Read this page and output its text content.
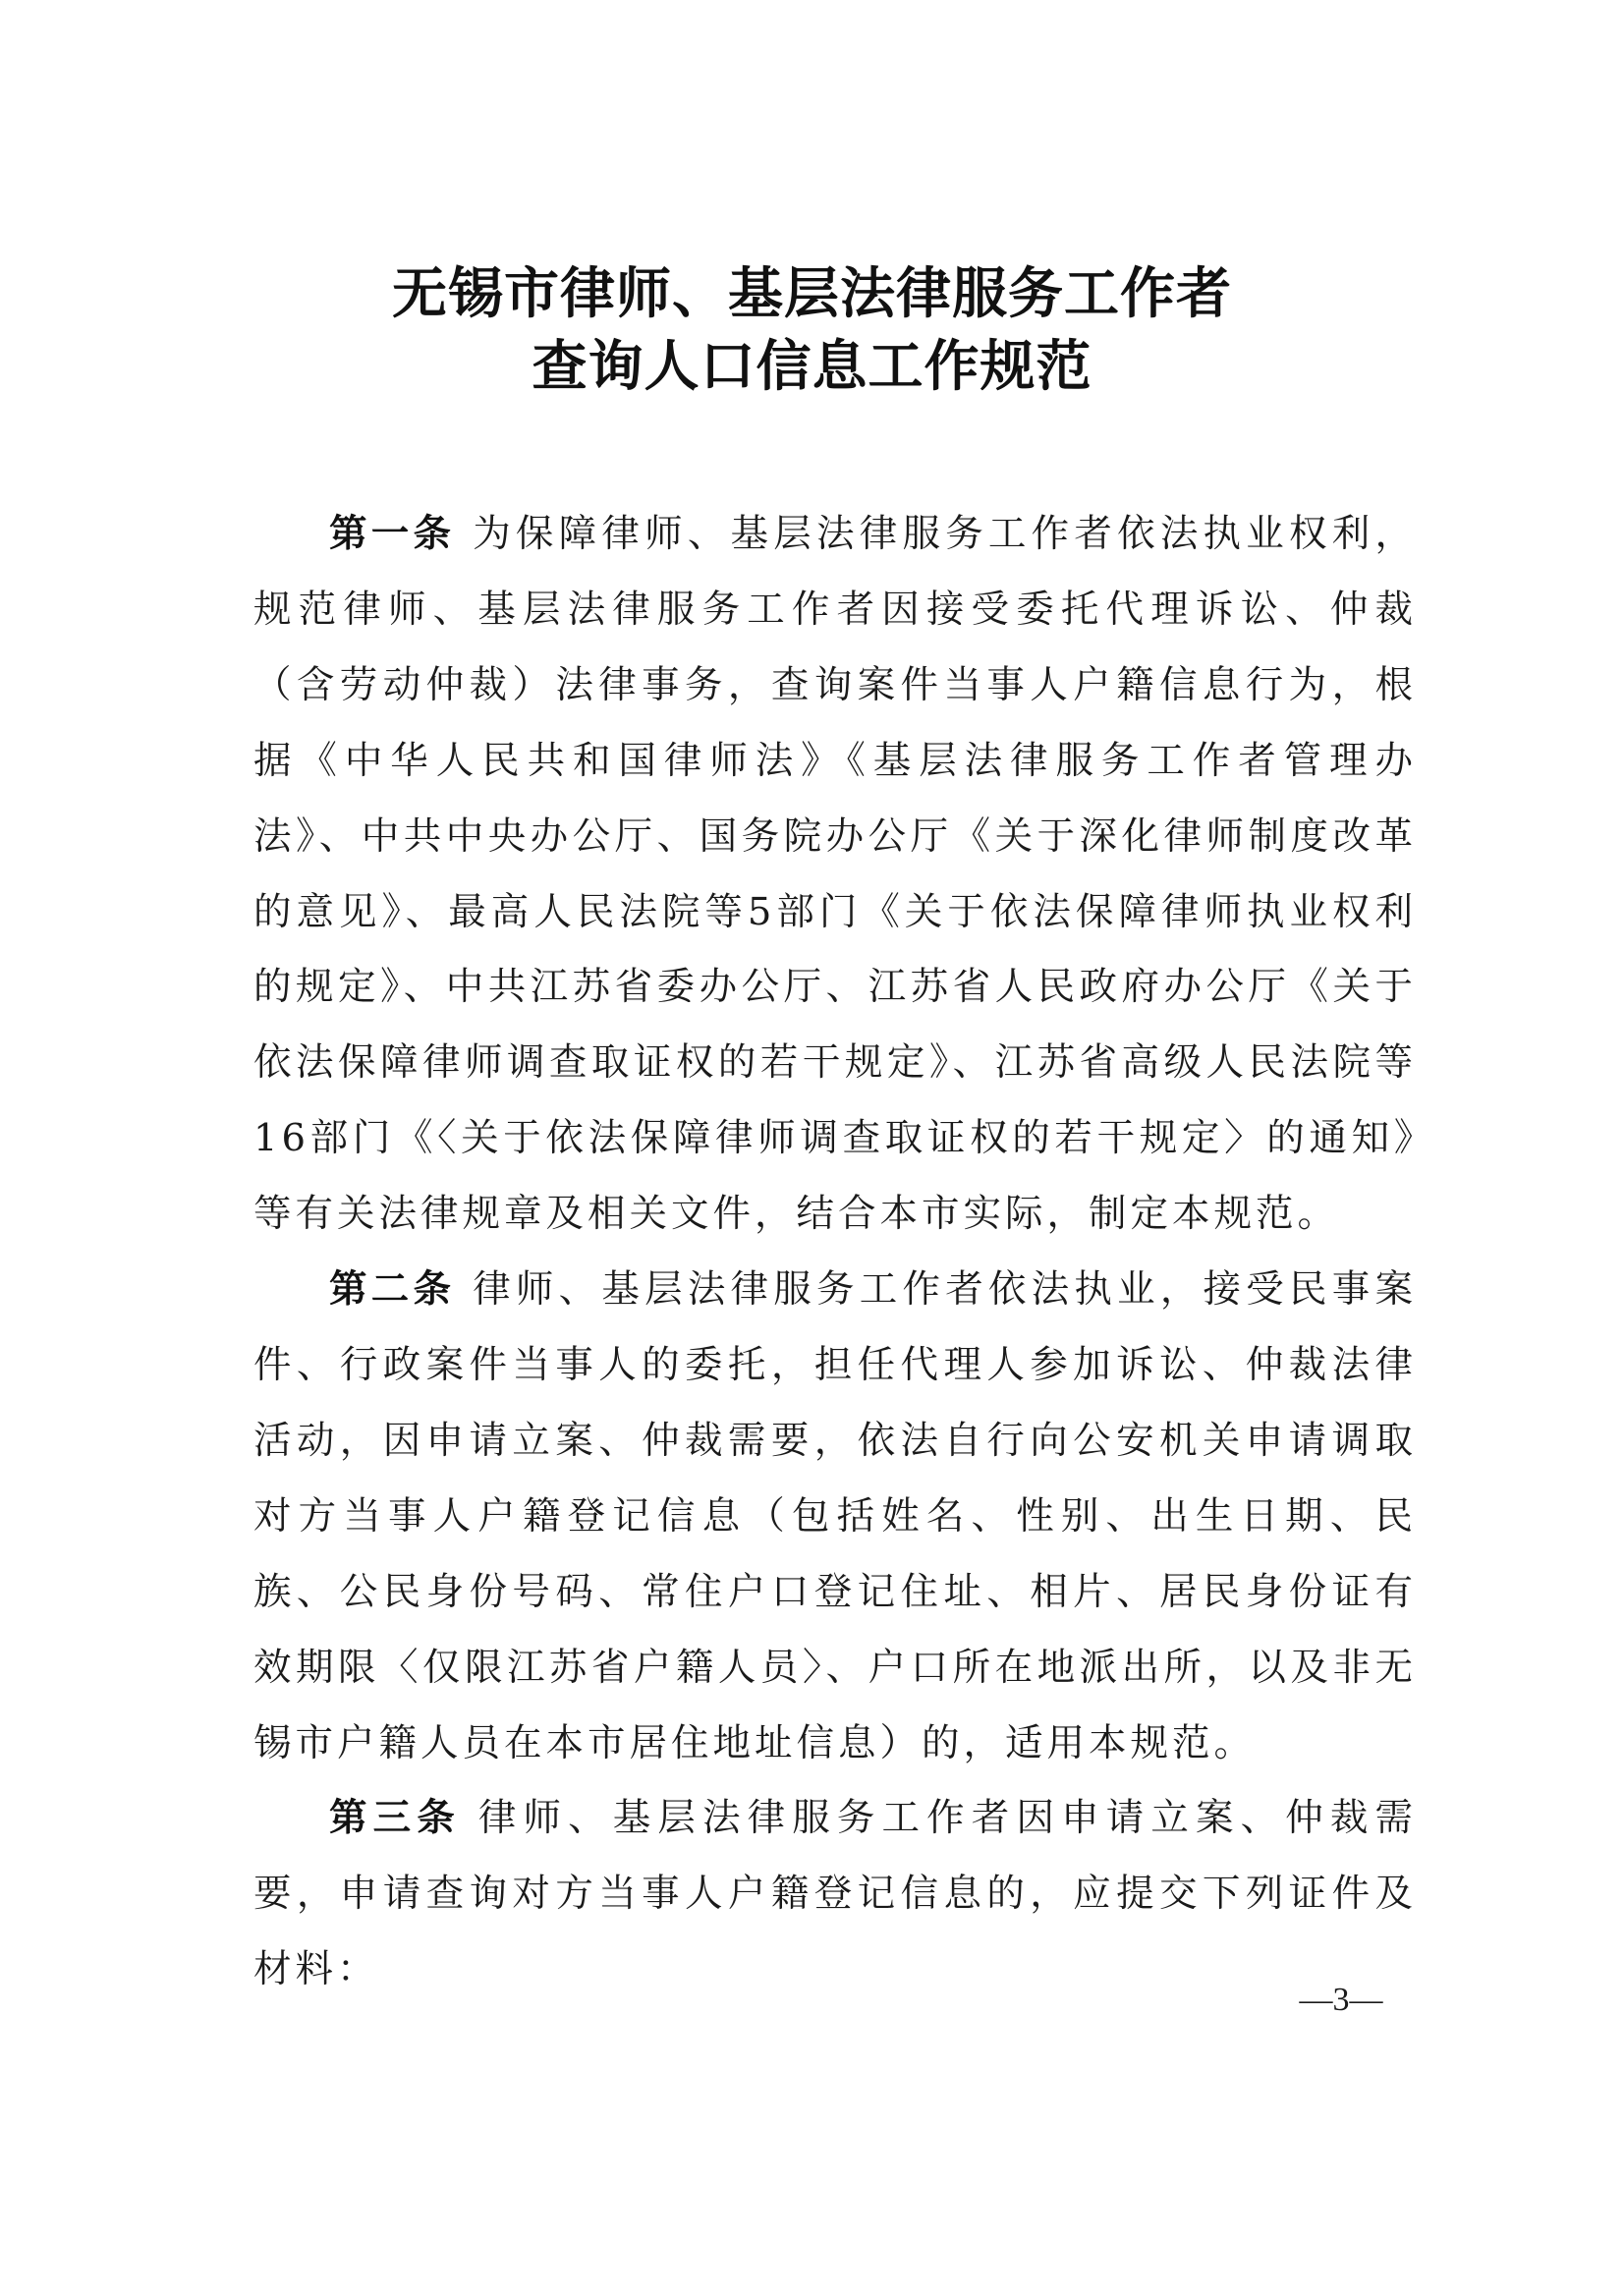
无锡市律师、基层法律服务工作者
查询人口信息工作规范

第一条 为保障律师、基层法律服务工作者依法执业权利，规范律师、基层法律服务工作者因接受委托代理诉讼、仲裁（含劳动仲裁）法律事务，查询案件当事人户籍信息行为，根据《中华人民共和国律师法》《基层法律服务工作者管理办法》、中共中央办公厅、国务院办公厅《关于深化律师制度改革的意见》、最高人民法院等5部门《关于依法保障律师执业权利的规定》、中共江苏省委办公厅、江苏省人民政府办公厅《关于依法保障律师调查取证权的若干规定》、江苏省高级人民法院等16部门《〈关于依法保障律师调查取证权的若干规定〉的通知》等有关法律规章及相关文件，结合本市实际，制定本规范。

第二条 律师、基层法律服务工作者依法执业，接受民事案件、行政案件当事人的委托，担任代理人参加诉讼、仲裁法律活动，因申请立案、仲裁需要，依法自行向公安机关申请调取对方当事人户籍登记信息（包括姓名、性别、出生日期、民族、公民身份号码、常住户口登记住址、相片、居民身份证有效期限〈仅限江苏省户籍人员〉、户口所在地派出所，以及非无锡市户籍人员在本市居住地址信息）的，适用本规范。

第三条 律师、基层法律服务工作者因申请立案、仲裁需要，申请查询对方当事人户籍登记信息的，应提交下列证件及材料：

—3—
